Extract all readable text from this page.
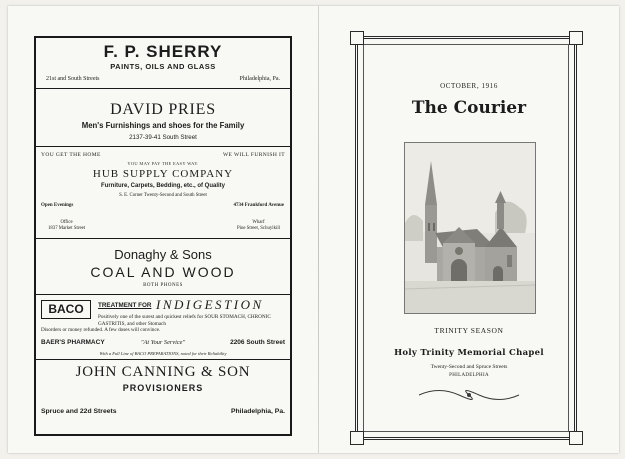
F. P. SHERRY
PAINTS, OILS AND GLASS
21st and South Streets	Philadelphia, Pa.
DAVID PRIES
Men's Furnishings and shoes for the Family
2137-39-41 South Street
YOU GET THE HOME	WE WILL FURNISH IT
YOU MAY PAY THE EASY WAY.
HUB SUPPLY COMPANY
Furniture, Carpets, Bedding, etc., of Quality
S. E. Corner Twenty-Second and South Street
Open Evenings	4734 Frankford Avenue
Office
1837 Market Street
Wharf
Pine Street, Schuylkill
Donaghy & Sons
COAL AND WOOD
BOTH PHONES
BACO	TREATMENT FOR INDIGESTION
Positively one of the surest and quickest reliefs for SOUR STOMACH, CHRONIC GASTRITIS, and other Stomach
Disorders or money refunded. A few doses will convince.
BAER'S PHARMACY	"At Your Service"	2206 South Street
With a Full Line of BACO PREPARATIONS, noted for their Reliability
JOHN CANNING & SON
PROVISIONERS
Spruce and 22d Streets	Philadelphia, Pa.
OCTOBER, 1916
The Courier
TRINITY SEASON
Holy Trinity Memorial Chapel
Twenty-Second and Spruce Streets
PHILADELPHIA
